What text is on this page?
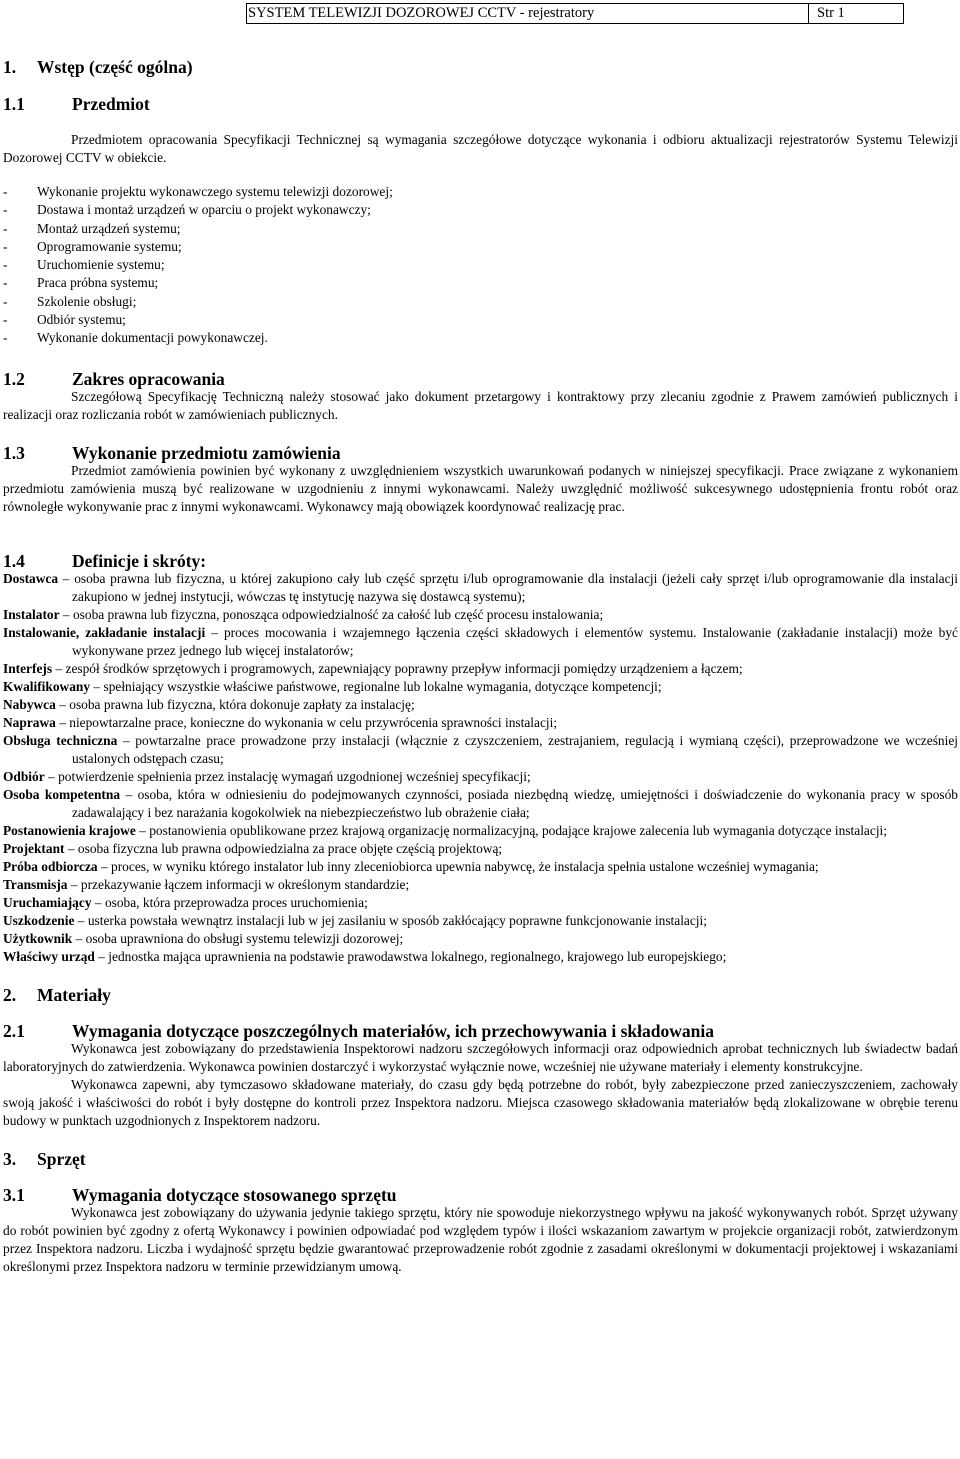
SYSTEM TELEWIZJI DOZOROWEJ CCTV - rejestratory	Str 1
1.	Wstęp (część ogólna)
1.1	Przedmiot
Przedmiotem opracowania Specyfikacji Technicznej są wymagania szczegółowe dotyczące wykonania i odbioru aktualizacji rejestratorów Systemu Telewizji Dozorowej CCTV w obiekcie.
-	Wykonanie projektu wykonawczego systemu telewizji dozorowej;
-	Dostawa i montaż urządzeń w oparciu o projekt wykonawczy;
-	Montaż urządzeń systemu;
-	Oprogramowanie systemu;
-	Uruchomienie systemu;
-	Praca próbna systemu;
-	Szkolenie obsługi;
-	Odbiór systemu;
-	Wykonanie dokumentacji powykonawczej.
1.2	Zakres opracowania
Szczegółową Specyfikację Techniczną należy stosować jako dokument przetargowy i kontraktowy przy zlecaniu zgodnie z Prawem zamówień publicznych i realizacji oraz rozliczania robót w zamówieniach publicznych.
1.3	Wykonanie przedmiotu zamówienia
Przedmiot zamówienia powinien być wykonany z uwzględnieniem wszystkich uwarunkowań podanych w niniejszej specyfikacji. Prace związane z wykonaniem przedmiotu zamówienia muszą być realizowane w uzgodnieniu z innymi wykonawcami. Należy uwzględnić możliwość sukcesywnego udostępnienia frontu robót oraz równoległe wykonywanie prac z innymi wykonawcami. Wykonawcy mają obowiązek koordynować realizację prac.
1.4	Definicje i skróty:
Dostawca – osoba prawna lub fizyczna, u której zakupiono cały lub część sprzętu i/lub oprogramowanie dla instalacji (jeżeli cały sprzęt i/lub oprogramowanie dla instalacji zakupiono w jednej instytucji, wówczas tę instytucję nazywa się dostawcą systemu);
Instalator – osoba prawna lub fizyczna, ponosząca odpowiedzialność za całość lub część procesu instalowania;
Instalowanie, zakładanie instalacji – proces mocowania i wzajemnego łączenia części składowych i elementów systemu. Instalowanie (zakładanie instalacji) może być wykonywane przez jednego lub więcej instalatorów;
Interfejs – zespół środków sprzętowych i programowych, zapewniający poprawny przepływ informacji pomiędzy urządzeniem a łączem;
Kwalifikowany – spełniający wszystkie właściwe państwowe, regionalne lub lokalne wymagania, dotyczące kompetencji;
Nabywca – osoba prawna lub fizyczna, która dokonuje zapłaty za instalację;
Naprawa – niepowtarzalne prace, konieczne do wykonania w celu przywrócenia sprawności instalacji;
Obsługa techniczna – powtarzalne prace prowadzone przy instalacji (włącznie z czyszczeniem, zestrajaniem, regulacją i wymianą części), przeprowadzone we wcześniej ustalonych odstępach czasu;
Odbiór – potwierdzenie spełnienia przez instalację wymagań uzgodnionej wcześniej specyfikacji;
Osoba kompetentna – osoba, która w odniesieniu do podejmowanych czynności, posiada niezbędną wiedzę, umiejętności i doświadczenie do wykonania pracy w sposób zadawalający i bez narażania kogokolwiek na niebezpieczeństwo lub obrażenie ciała;
Postanowienia krajowe – postanowienia opublikowane przez krajową organizację normalizacyjną, podające krajowe zalecenia lub wymagania dotyczące instalacji;
Projektant – osoba fizyczna lub prawna odpowiedzialna za prace objęte częścią projektową;
Próba odbiorcza – proces, w wyniku którego instalator lub inny zleceniobiorca upewnia nabywcę, że instalacja spełnia ustalone wcześniej wymagania;
Transmisja – przekazywanie łączem informacji w określonym standardzie;
Uruchamiający – osoba, która przeprowadza proces uruchomienia;
Uszkodzenie – usterka powstała wewnątrz instalacji lub w jej zasilaniu w sposób zakłócający poprawne funkcjonowanie instalacji;
Użytkownik – osoba uprawniona do obsługi systemu telewizji dozorowej;
Właściwy urząd – jednostka mająca uprawnienia na podstawie prawodawstwa lokalnego, regionalnego, krajowego lub europejskiego;
2.	Materiały
2.1	Wymagania dotyczące poszczególnych materiałów, ich przechowywania i składowania
Wykonawca jest zobowiązany do przedstawienia Inspektorowi nadzoru szczegółowych informacji oraz odpowiednich aprobat technicznych lub świadectw badań laboratoryjnych do zatwierdzenia. Wykonawca powinien dostarczyć i wykorzystać wyłącznie nowe, wcześniej nie używane materiały i elementy konstrukcyjne.
Wykonawca zapewni, aby tymczasowo składowane materiały, do czasu gdy będą potrzebne do robót, były zabezpieczone przed zanieczyszczeniem, zachowały swoją jakość i właściwości do robót i były dostępne do kontroli przez Inspektora nadzoru. Miejsca czasowego składowania materiałów będą zlokalizowane w obrębie terenu budowy w punktach uzgodnionych z Inspektorem nadzoru.
3.	Sprzęt
3.1	Wymagania dotyczące stosowanego sprzętu
Wykonawca jest zobowiązany do używania jedynie takiego sprzętu, który nie spowoduje niekorzystnego wpływu na jakość wykonywanych robót. Sprzęt używany do robót powinien być zgodny z ofertą Wykonawcy i powinien odpowiadać pod względem typów i ilości wskazaniom zawartym w projekcie organizacji robót, zatwierdzonym przez Inspektora nadzoru. Liczba i wydajność sprzętu będzie gwarantować przeprowadzenie robót zgodnie z zasadami określonymi w dokumentacji projektowej i wskazaniami określonymi przez Inspektora nadzoru w terminie przewidzianym umową.
